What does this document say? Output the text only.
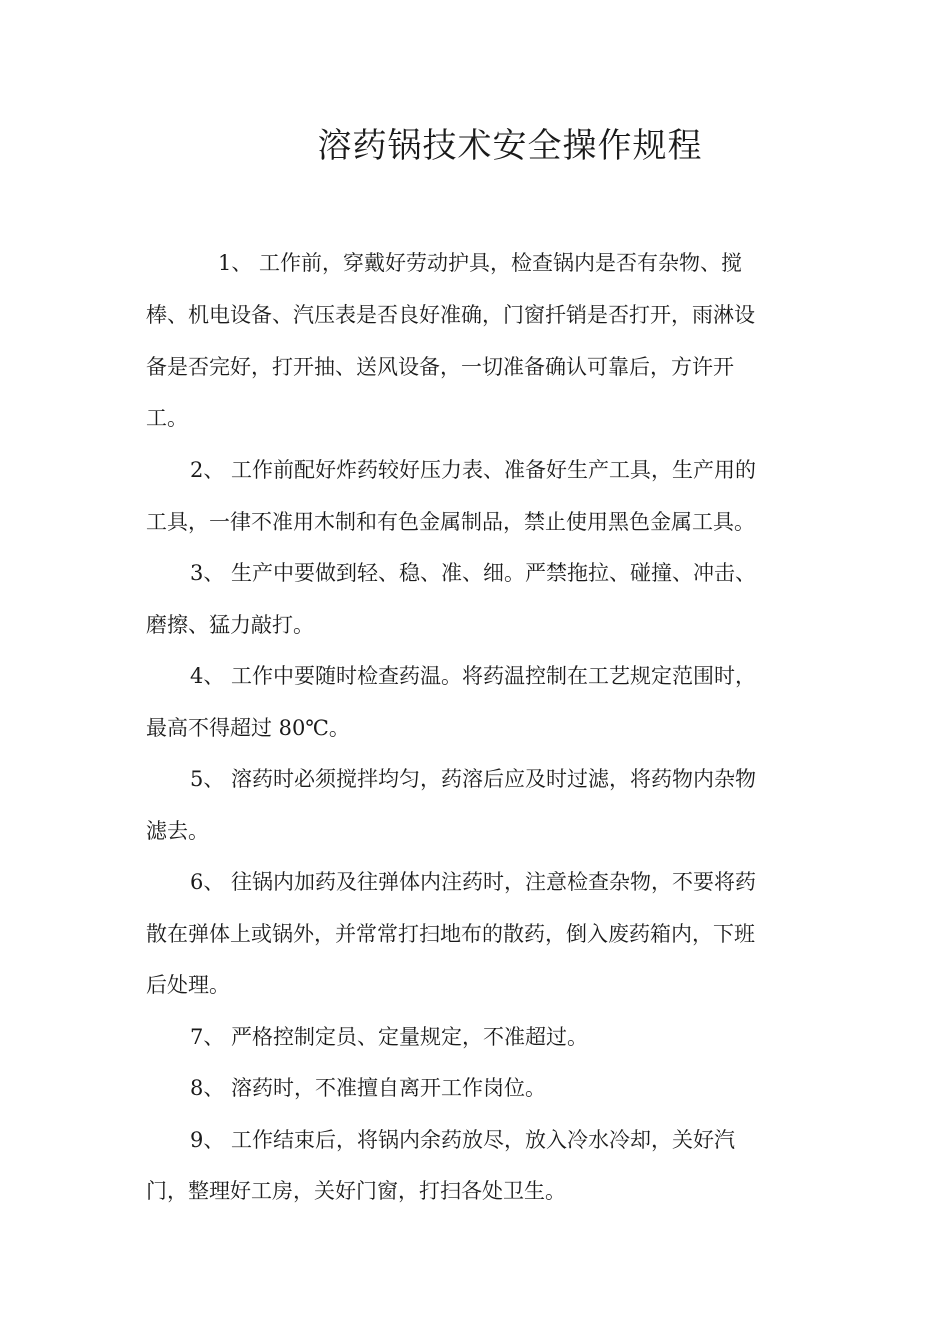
溶药锅技术安全操作规程
1、 工作前，穿戴好劳动护具，检查锅内是否有杂物、搅
棒、机电设备、汽压表是否良好准确，门窗扦销是否打开，雨淋设
备是否完好，打开抽、送风设备，一切准备确认可靠后，方许开
工。
2、 工作前配好炸药较好压力表、准备好生产工具，生产用的
工具，一律不准用木制和有色金属制品，禁止使用黑色金属工具。
3、 生产中要做到轻、稳、准、细。严禁拖拉、碰撞、冲击、
磨擦、猛力敲打。
4、 工作中要随时检查药温。将药温控制在工艺规定范围时，
最高不得超过 80℃。
5、 溶药时必须搅拌均匀，药溶后应及时过滤，将药物内杂物
滤去。
6、 往锅内加药及往弹体内注药时，注意检查杂物，不要将药
散在弹体上或锅外，并常常打扫地布的散药，倒入废药箱内，下班
后处理。
7、 严格控制定员、定量规定，不准超过。
8、 溶药时，不准擅自离开工作岗位。
9、 工作结束后，将锅内余药放尽，放入冷水冷却，关好汽
门，整理好工房，关好门窗，打扫各处卫生。
